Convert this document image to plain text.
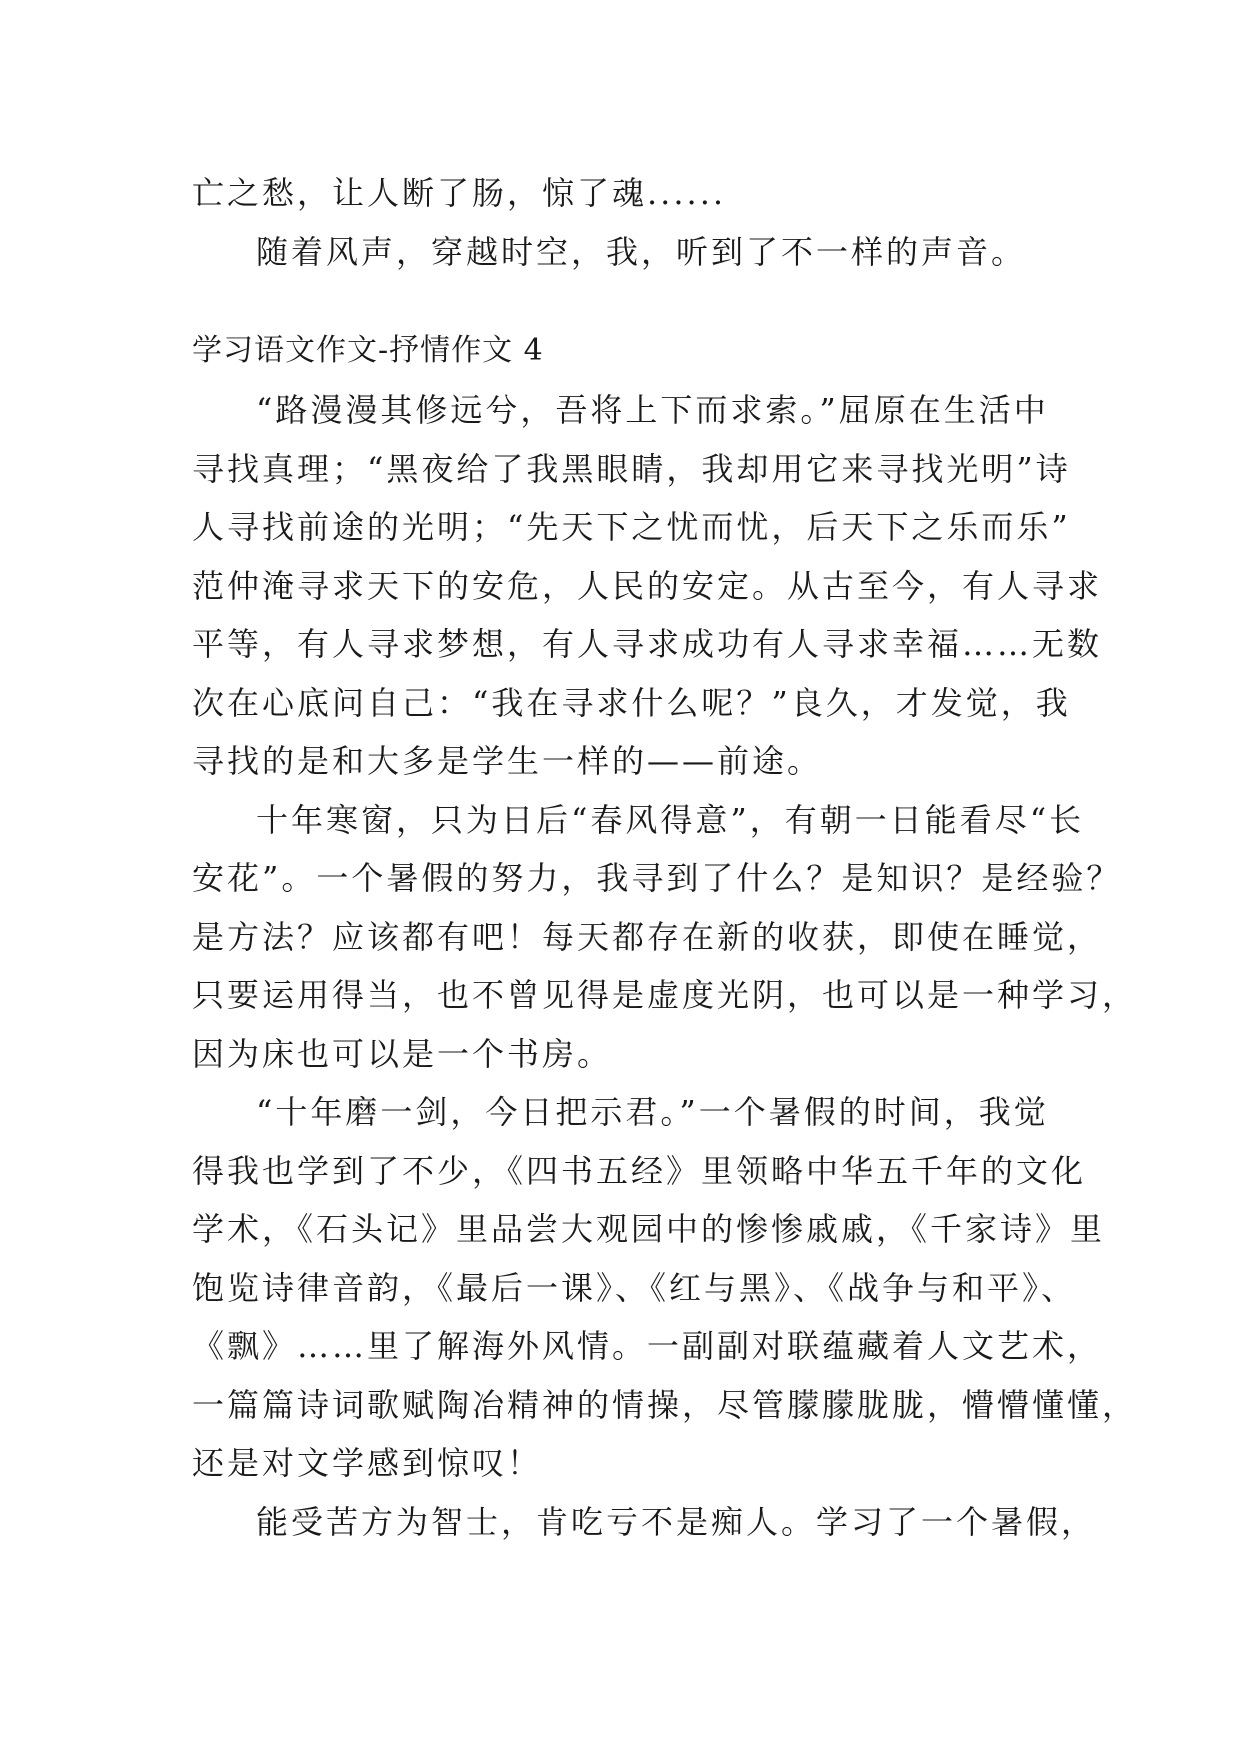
亡之愁，让人断了肠，惊了魂......
随着风声，穿越时空，我，听到了不一样的声音。
学习语文作文-抒情作文 4
“路漫漫其修远兮，吾将上下而求索。”屈原在生活中
寻找真理；“黑夜给了我黑眼睛，我却用它来寻找光明”诗
人寻找前途的光明；“先天下之忧而忧，后天下之乐而乐”
范仲淹寻求天下的安危，人民的安定。从古至今，有人寻求
平等，有人寻求梦想，有人寻求成功有人寻求幸福……无数
次在心底问自己：“我在寻求什么呢？”良久，才发觉，我
寻找的是和大多是学生一样的——前途。
十年寒窗，只为日后“春风得意”，有朝一日能看尽“长
安花”。一个暑假的努力，我寻到了什么？是知识？是经验？
是方法？应该都有吧！每天都存在新的收获，即使在睡觉，
只要运用得当，也不曾见得是虚度光阴，也可以是一种学习，
因为床也可以是一个书房。
“十年磨一剑，今日把示君。”一个暑假的时间，我觉
得我也学到了不少，《四书五经》里领略中华五千年的文化
学术，《石头记》里品尝大观园中的惨惨戚戚，《千家诗》里
饱览诗律音韵，《最后一课》、《红与黑》、《战争与和平》、
《飘》……里了解海外风情。一副副对联蕴藏着人文艺术，
一篇篇诗词歌赋陶冶精神的情操，尽管朦朦胧胧，懵懵懂懂，
还是对文学感到惊叹！
能受苦方为智士，肯吃亏不是痴人。学习了一个暑假，
